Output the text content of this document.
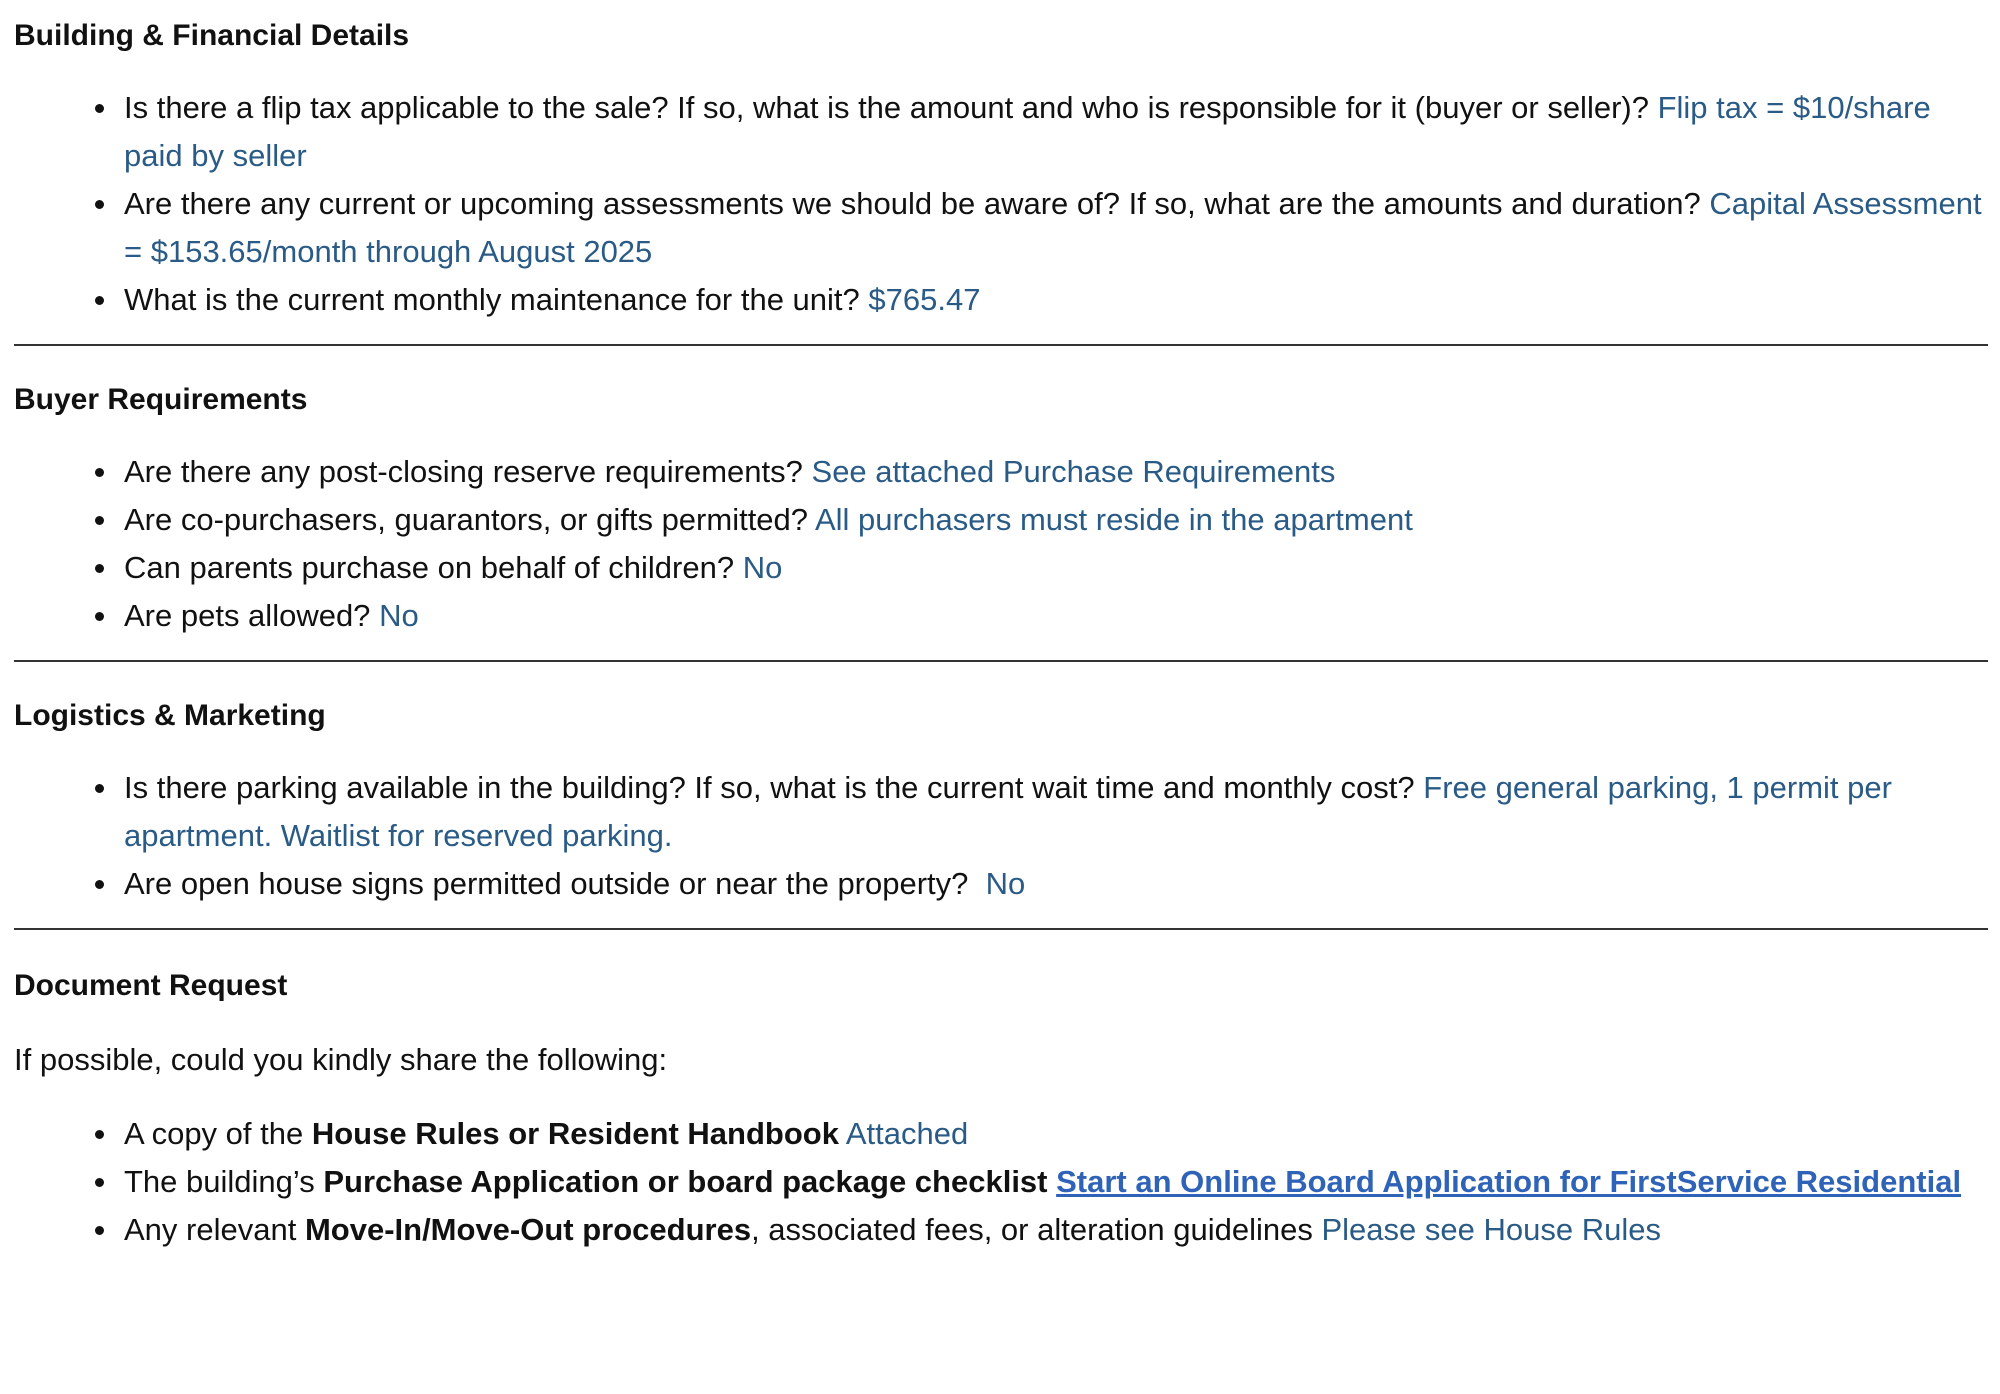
Building & Financial Details
Is there a flip tax applicable to the sale? If so, what is the amount and who is responsible for it (buyer or seller)? Flip tax = $10/share paid by seller
Are there any current or upcoming assessments we should be aware of? If so, what are the amounts and duration? Capital Assessment = $153.65/month through August 2025
What is the current monthly maintenance for the unit? $765.47
Buyer Requirements
Are there any post-closing reserve requirements? See attached Purchase Requirements
Are co-purchasers, guarantors, or gifts permitted? All purchasers must reside in the apartment
Can parents purchase on behalf of children? No
Are pets allowed? No
Logistics & Marketing
Is there parking available in the building? If so, what is the current wait time and monthly cost? Free general parking, 1 permit per apartment. Waitlist for reserved parking.
Are open house signs permitted outside or near the property? No
Document Request

If possible, could you kindly share the following:

A copy of the House Rules or Resident Handbook Attached
The building’s Purchase Application or board package checklist Start an Online Board Application for FirstService Residential
Any relevant Move-In/Move-Out procedures, associated fees, or alteration guidelines Please see House Rules
